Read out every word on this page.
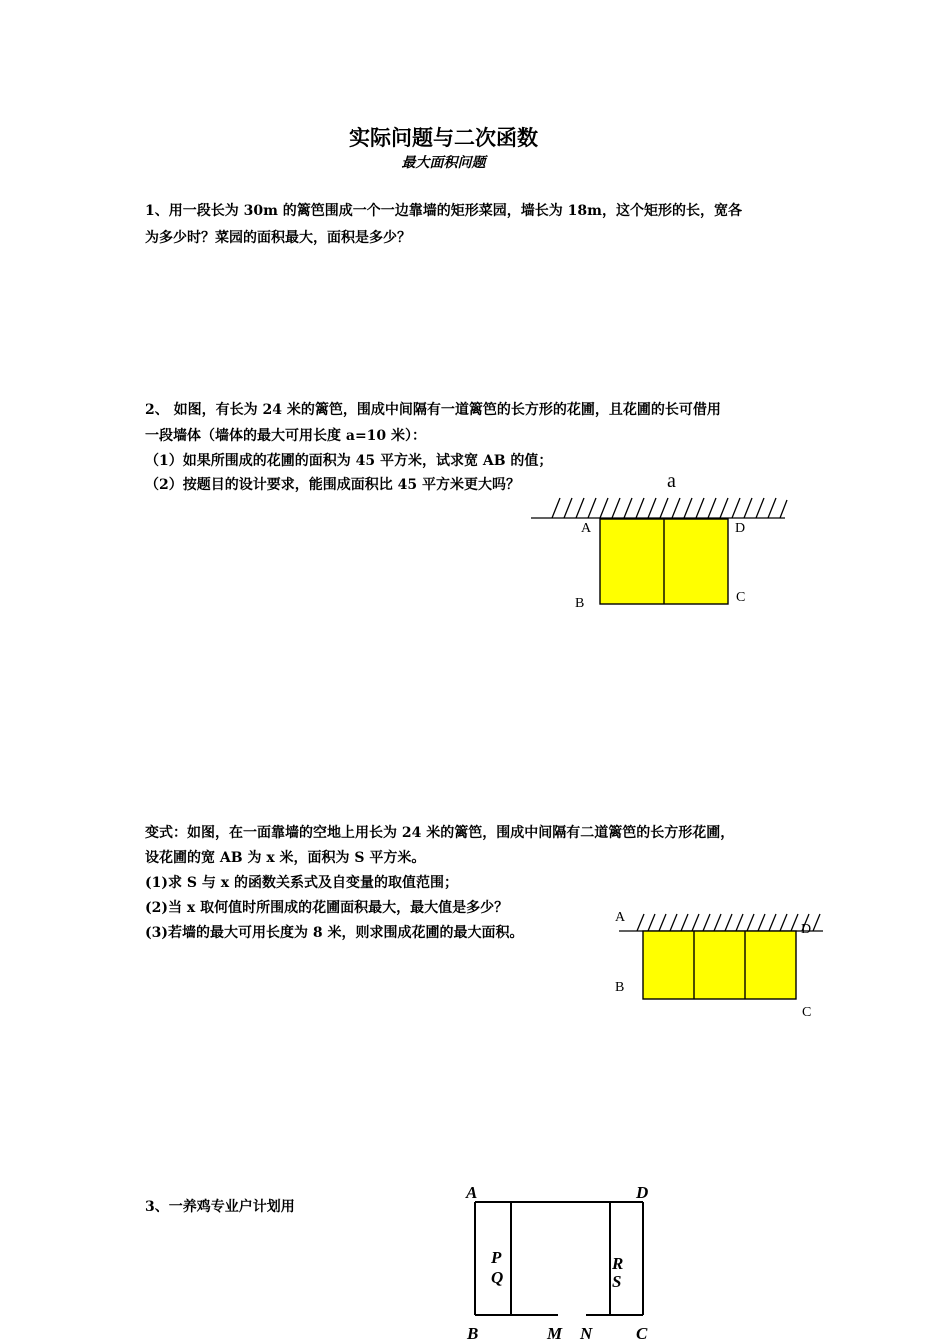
实际问题与二次函数
最大面积问题
1、用一段长为 30m 的篱笆围成一个一边靠墙的矩形菜园，墙长为 18m，这个矩形的长，宽各
为多少时？菜园的面积最大，面积是多少？
2、 如图，有长为 24 米的篱笆，围成中间隔有一道篱笆的长方形的花圃，且花圃的长可借用
一段墙体（墙体的最大可用长度 a=10 米）：
（1）如果所围成的花圃的面积为 45 平方米，试求宽 AB 的值；
（2）按题目的设计要求，能围成面积比 45 平方米更大吗？	a
A	D
B	C
变式：如图，在一面靠墙的空地上用长为 24 米的篱笆，围成中间隔有二道篱笆的长方形花圃，
设花圃的宽 AB 为 x 米，面积为 S 平方米。
(1)求 S 与 x 的函数关系式及自变量的取值范围；
(2)当 x 取何值时所围成的花圃面积最大，最大值是多少？
(3)若墙的最大可用长度为 8 米，则求围成花圃的最大面积。
A
D
B
C
3、一养鸡专业户计划用
A	D
P
Q
R
S
B	M N	C
